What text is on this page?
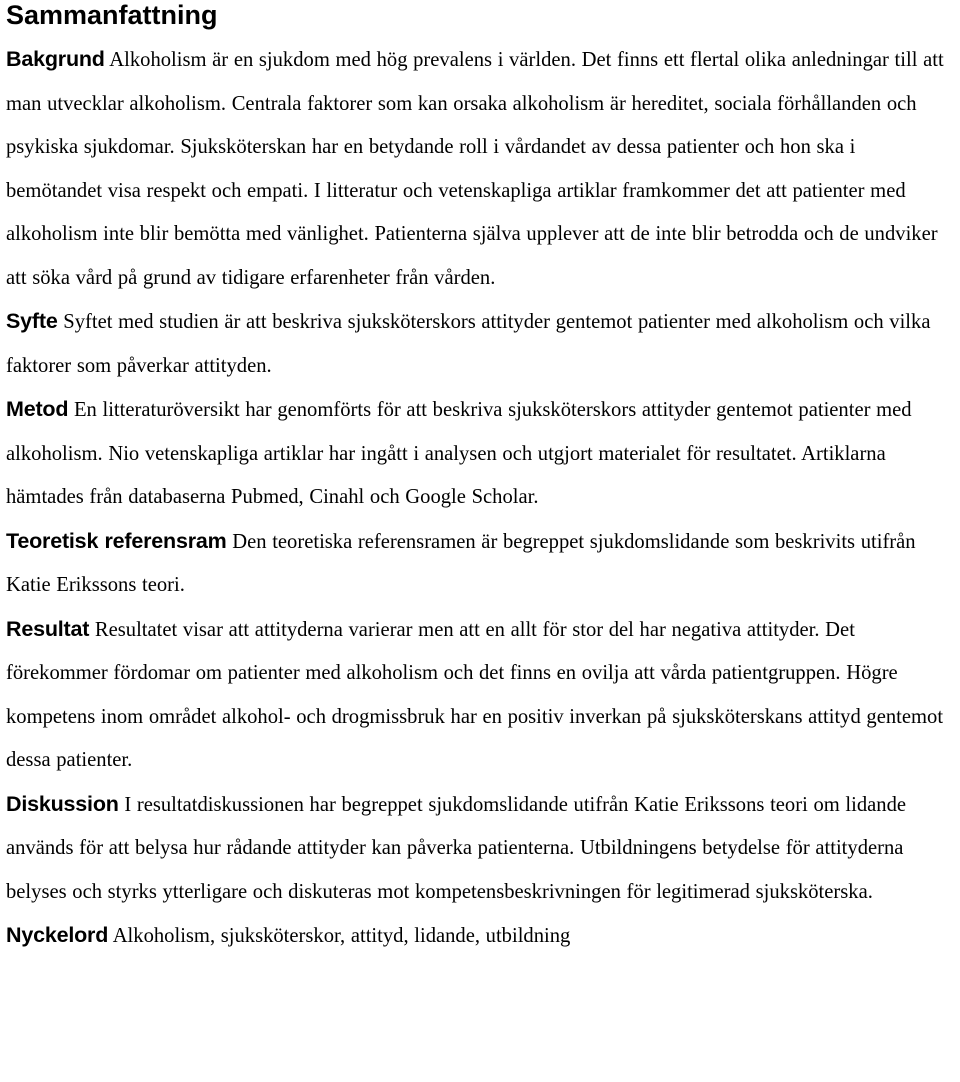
Sammanfattning

Bakgrund Alkoholism är en sjukdom med hög prevalens i världen. Det finns ett flertal olika anledningar till att man utvecklar alkoholism. Centrala faktorer som kan orsaka alkoholism är hereditet, sociala förhållanden och psykiska sjukdomar. Sjuksköterskan har en betydande roll i vårdandet av dessa patienter och hon ska i bemötandet visa respekt och empati. I litteratur och vetenskapliga artiklar framkommer det att patienter med alkoholism inte blir bemötta med vänlighet. Patienterna själva upplever att de inte blir betrodda och de undviker att söka vård på grund av tidigare erfarenheter från vården.

Syfte Syftet med studien är att beskriva sjuksköterskors attityder gentemot patienter med alkoholism och vilka faktorer som påverkar attityden.

Metod En litteraturöversikt har genomförts för att beskriva sjuksköterskors attityder gentemot patienter med alkoholism. Nio vetenskapliga artiklar har ingått i analysen och utgjort materialet för resultatet. Artiklarna hämtades från databaserna Pubmed, Cinahl och Google Scholar.

Teoretisk referensram Den teoretiska referensramen är begreppet sjukdomslidande som beskrivits utifrån Katie Erikssons teori.

Resultat Resultatet visar att attityderna varierar men att en allt för stor del har negativa attityder. Det förekommer fördomar om patienter med alkoholism och det finns en ovilja att vårda patientgruppen. Högre kompetens inom området alkohol- och drogmissbruk har en positiv inverkan på sjuksköterskans attityd gentemot dessa patienter.

Diskussion I resultatdiskussionen har begreppet sjukdomslidande utifrån Katie Erikssons teori om lidande används för att belysa hur rådande attityder kan påverka patienterna. Utbildningens betydelse för attityderna belyses och styrks ytterligare och diskuteras mot kompetensbeskrivningen för legitimerad sjuksköterska.

Nyckelord Alkoholism, sjuksköterskor, attityd, lidande, utbildning
